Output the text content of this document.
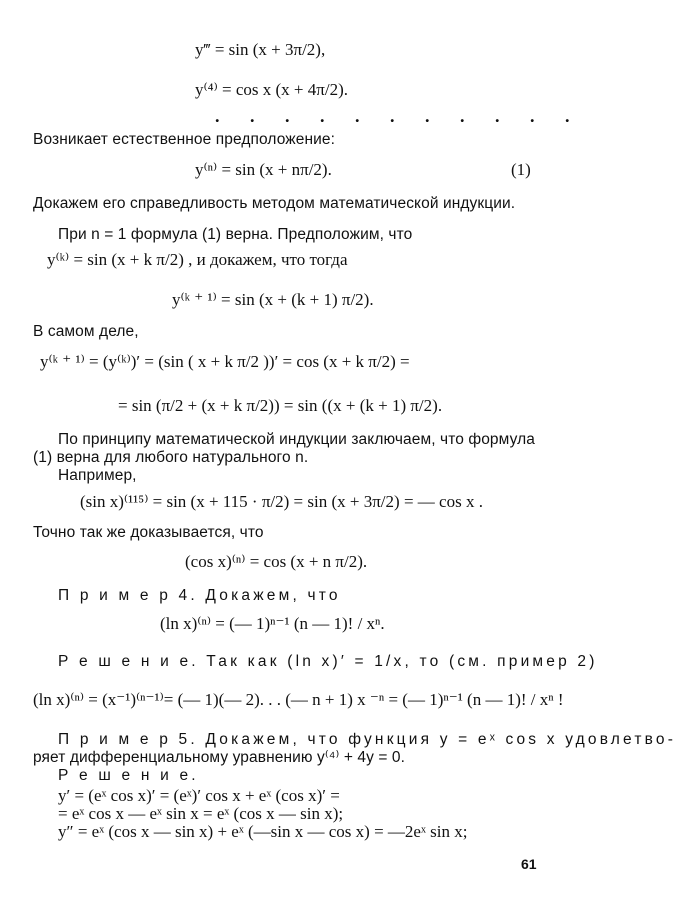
y‴ = sin (x + 3π/2),
y⁽⁴⁾ = cos x (x + 4π/2).
. . . . . . . . . . .
Возникает естественное предположение:
y⁽ⁿ⁾ = sin (x + nπ/2).	(1)
Докажем его справедливость методом математической индукции.
При n = 1 формула (1) верна. Предположим, что
y⁽ᵏ⁾ = sin (x + k π/2) , и докажем, что тогда
y⁽ᵏ ⁺ ¹⁾ = sin (x + (k + 1) π/2).
В самом деле,
y⁽ᵏ ⁺ ¹⁾ = (y⁽ᵏ⁾)′ = (sin ( x + k π/2 ))′ = cos (x + k π/2) =
= sin (π/2 + (x + k π/2)) = sin ((x + (k + 1) π/2).
По принципу математической индукции заключаем, что формула
(1) верна для любого натурального n.
Например,
(sin x)⁽¹¹⁵⁾ = sin (x + 115 · π/2) = sin (x + 3π/2) = — cos x .
Точно так же доказывается, что
(cos x)⁽ⁿ⁾ = cos (x + n π/2).
П р и м е р 4. Докажем, что
(ln x)⁽ⁿ⁾ = (— 1)ⁿ⁻¹ (n — 1)! / xⁿ.
Р е ш е н и е. Так как (ln x)′ = 1/x, то (см. пример 2)
(ln x)⁽ⁿ⁾ = (x⁻¹)⁽ⁿ⁻¹⁾= (— 1)(— 2). . . (— n + 1) x ⁻ⁿ = (— 1)ⁿ⁻¹ (n — 1)! / xⁿ !
П р и м е р 5. Докажем, что функция y = eˣ cos x удовлетво-
ряет дифференциальному уравнению y⁽⁴⁾ + 4y = 0.
Р е ш е н и е.
y′ = (eˣ cos x)′ = (eˣ)′ cos x + eˣ (cos x)′ =
= eˣ cos x — eˣ sin x = eˣ (cos x — sin x);
y″ = eˣ (cos x — sin x) + eˣ (—sin x — cos x) = —2eˣ sin x;
61
